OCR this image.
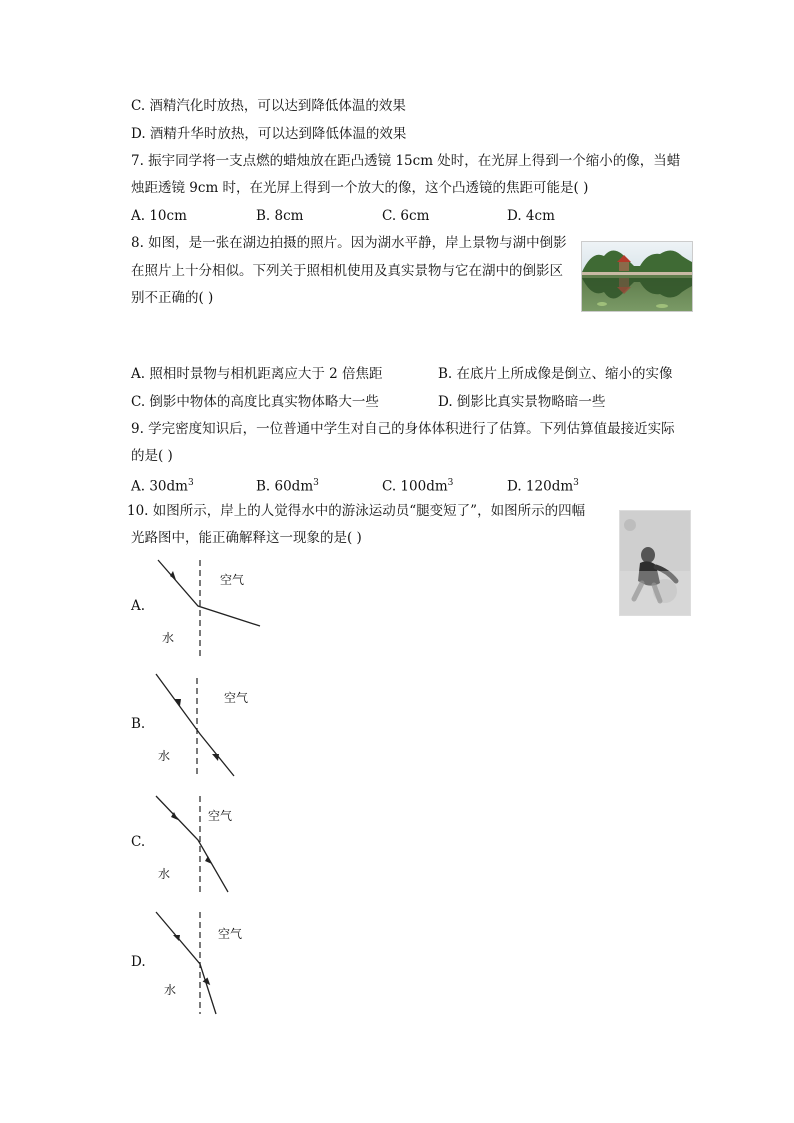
C. 酒精汽化时放热，可以达到降低体温的效果
D. 酒精升华时放热，可以达到降低体温的效果
7. 振宇同学将一支点燃的蜡烛放在距凸透镜 15cm 处时，在光屏上得到一个缩小的像，当蜡
烛距透镜 9cm 时，在光屏上得到一个放大的像，这个凸透镜的焦距可能是( )
A. 10cm	B. 8cm	C. 6cm	D. 4cm
8. 如图，是一张在湖边拍摄的照片。因为湖水平静，岸上景物与湖中倒影
在照片上十分相似。下列关于照相机使用及真实景物与它在湖中的倒影区
别不正确的( )
A. 照相时景物与相机距离应大于 2 倍焦距	B. 在底片上所成像是倒立、缩小的实像
C. 倒影中物体的高度比真实物体略大一些	D. 倒影比真实景物略暗一些
9. 学完密度知识后，一位普通中学生对自己的身体体积进行了估算。下列估算值最接近实际
的是( )
A. $30dm^3$	B. $60dm^3$	C. $100dm^3$	D. $120dm^3$
10. 如图所示，岸上的人觉得水中的游泳运动员“腿变短了”，如图所示的四幅
光路图中，能正确解释这一现象的是( )
A.
空气
水
B.
空气
水
C.
空气
水
D.
空气
水
